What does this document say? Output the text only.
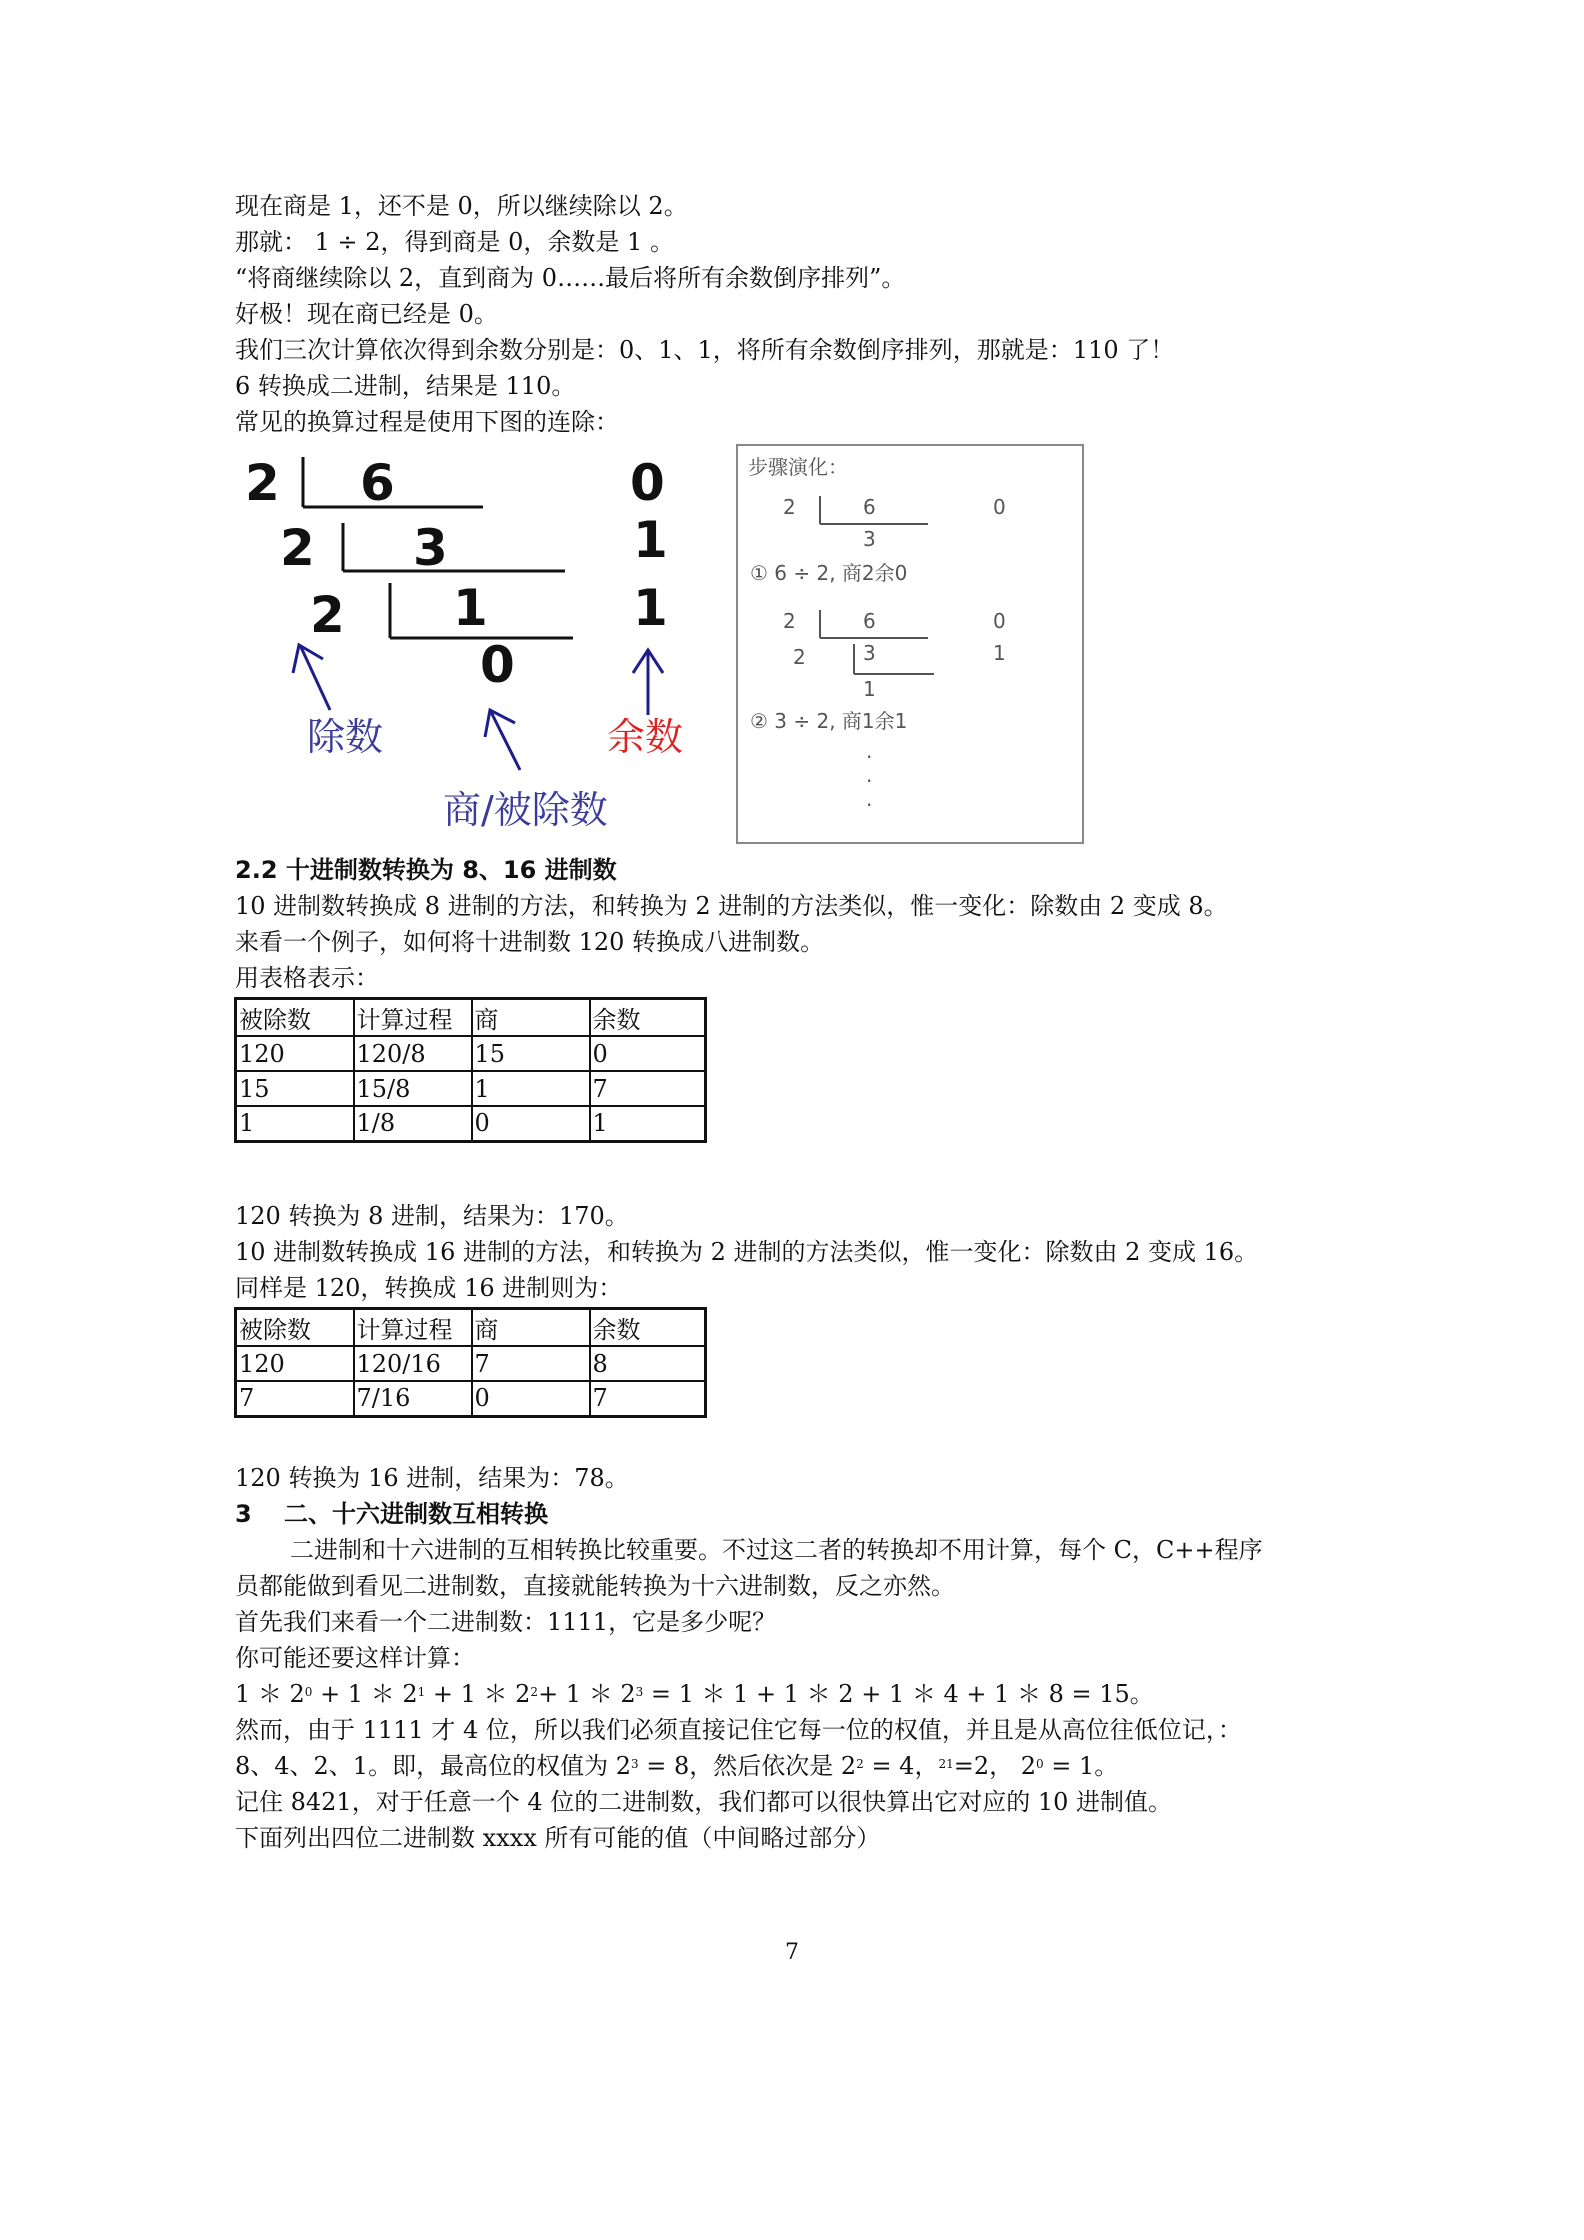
现在商是 1，还不是 0，所以继续除以 2。
那就： 1 ÷ 2，得到商是 0，余数是 1 。
“将商继续除以 2，直到商为 0……最后将所有余数倒序排列”。
好极！现在商已经是 0。
我们三次计算依次得到余数分别是：0、1、1，将所有余数倒序排列，那就是：110 了！
6 转换成二进制，结果是 110。
常见的换算过程是使用下图的连除：
2 6	0
2 3	1
2 1	1
0
除数	余数
商/被除数
步骤演化：
2	6	0
3
① 6 ÷ 2, 商2余0
2	6	0
2	3	1
1
② 3 ÷ 2, 商1余1
·
·
·
2.2 十进制数转换为 8、16 进制数
10 进制数转换成 8 进制的方法，和转换为 2 进制的方法类似，惟一变化：除数由 2 变成 8。
来看一个例子，如何将十进制数 120 转换成八进制数。
用表格表示：
被除数	计算过程	商	余数
120	120/8	15	0
15	15/8	1	7
1	1/8	0	1
120 转换为 8 进制，结果为：170。
10 进制数转换成 16 进制的方法，和转换为 2 进制的方法类似，惟一变化：除数由 2 变成 16。
同样是 120，转换成 16 进制则为：
被除数	计算过程	商	余数
120	120/16	7	8
7	7/16	0	7
120 转换为 16 进制，结果为：78。
3　 二、十六进制数互相转换
二进制和十六进制的互相转换比较重要。不过这二者的转换却不用计算，每个 C，C++程序
员都能做到看见二进制数，直接就能转换为十六进制数，反之亦然。
首先我们来看一个二进制数：1111，它是多少呢？
你可能还要这样计算：
1 ＊ $2^0 + 1$ ＊ $2^1 + 1$ ＊ $2^2+ 1$ ＊ $2^3 = 1$ ＊ 1 + 1 ＊ 2 + 1 ＊ 4 + 1 ＊ 8 = 15。
然而，由于 1111 才 4 位，所以我们必须直接记住它每一位的权值，并且是从高位往低位记，：
8、4、2、1。即，最高位的权值为 $2^3 = 8$，然后依次是 $2^2 = 4$，$^{21}$=2， $2^0 = 1$。
记住 8421，对于任意一个 4 位的二进制数，我们都可以很快算出它对应的 10 进制值。
下面列出四位二进制数 xxxx 所有可能的值（中间略过部分）
7
